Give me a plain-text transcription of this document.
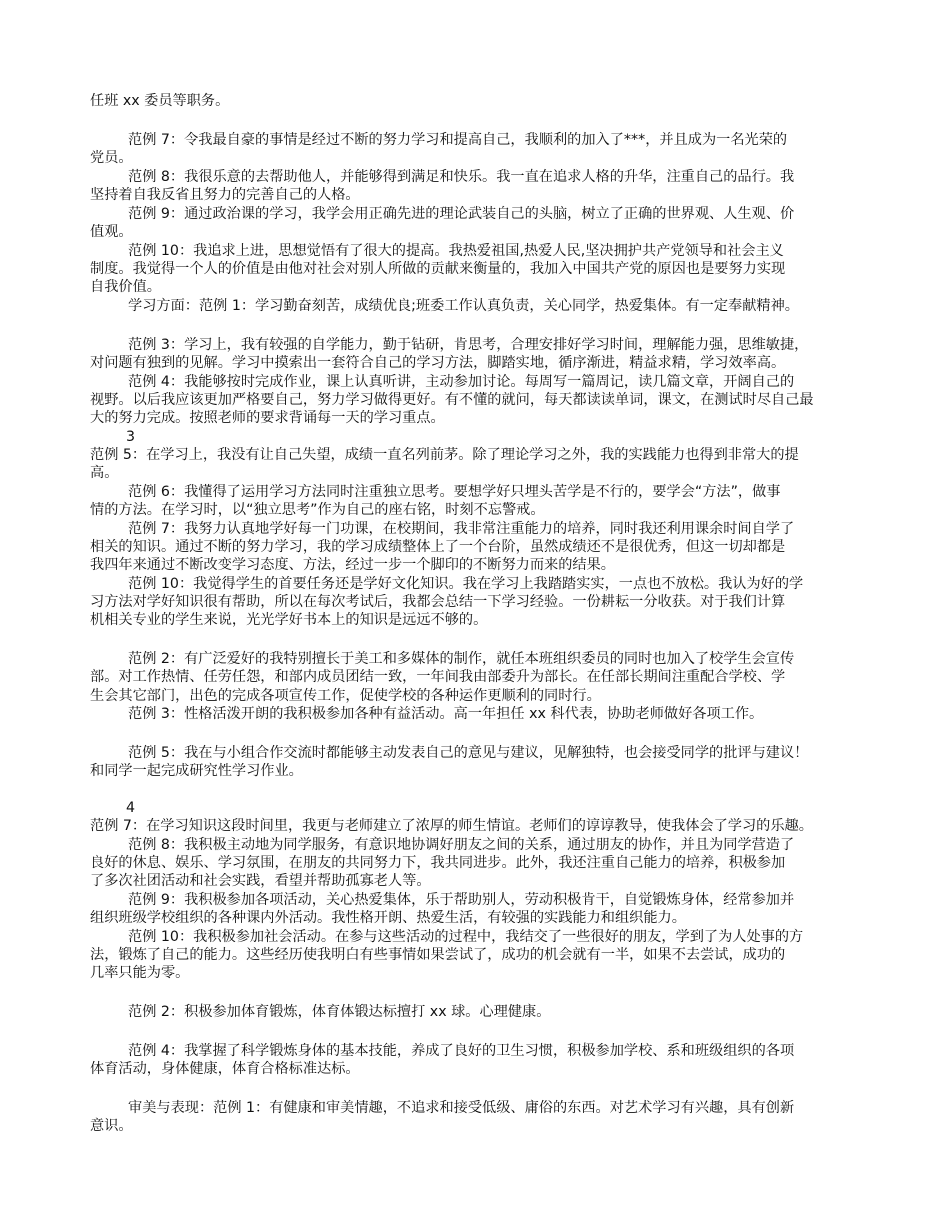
任班 xx 委员等职务。

范例 7：令我最自豪的事情是经过不断的努力学习和提高自己，我顺利的加入了***，并且成为一名光荣的

党员。

范例 8：我很乐意的去帮助他人，并能够得到满足和快乐。我一直在追求人格的升华，注重自己的品行。我

坚持着自我反省且努力的完善自己的人格。

范例 9：通过政治课的学习，我学会用正确先进的理论武装自己的头脑，树立了正确的世界观、人生观、价

值观。

范例 10：我追求上进，思想觉悟有了很大的提高。我热爱祖国,热爱人民,坚决拥护共产党领导和社会主义

制度。我觉得一个人的价值是由他对社会对别人所做的贡献来衡量的，我加入中国共产党的原因也是要努力实现

自我价值。

学习方面：范例 1：学习勤奋刻苦，成绩优良;班委工作认真负责，关心同学，热爱集体。有一定奉献精神。

范例 3：学习上，我有较强的自学能力，勤于钻研，肯思考，合理安排好学习时间，理解能力强，思维敏捷，

对问题有独到的见解。学习中摸索出一套符合自己的学习方法，脚踏实地，循序渐进，精益求精，学习效率高。

范例 4：我能够按时完成作业，课上认真听讲，主动参加讨论。每周写一篇周记，读几篇文章，开阔自己的

视野。以后我应该更加严格要自己，努力学习做得更好。有不懂的就问，每天都读读单词，课文，在测试时尽自己最

大的努力完成。按照老师的要求背诵每一天的学习重点。

3

范例 5：在学习上，我没有让自己失望，成绩一直名列前茅。除了理论学习之外，我的实践能力也得到非常大的提

高。

范例 6：我懂得了运用学习方法同时注重独立思考。要想学好只埋头苦学是不行的，要学会“方法”，做事

情的方法。在学习时，以“独立思考”作为自己的座右铭，时刻不忘警戒。

范例 7：我努力认真地学好每一门功课，在校期间，我非常注重能力的培养，同时我还利用课余时间自学了

相关的知识。通过不断的努力学习，我的学习成绩整体上了一个台阶，虽然成绩还不是很优秀，但这一切却都是

我四年来通过不断改变学习态度、方法，经过一步一个脚印的不断努力而来的结果。

范例 10：我觉得学生的首要任务还是学好文化知识。我在学习上我踏踏实实，一点也不放松。我认为好的学

习方法对学好知识很有帮助，所以在每次考试后，我都会总结一下学习经验。一份耕耘一分收获。对于我们计算

机相关专业的学生来说，光光学好书本上的知识是远远不够的。

范例 2：有广泛爱好的我特别擅长于美工和多媒体的制作，就任本班组织委员的同时也加入了校学生会宣传

部。对工作热情、任劳任怨，和部内成员团结一致，一年间我由部委升为部长。在任部长期间注重配合学校、学

生会其它部门，出色的完成各项宣传工作，促使学校的各种运作更顺利的同时行。

范例 3：性格活泼开朗的我积极参加各种有益活动。高一年担任 xx 科代表，协助老师做好各项工作。

范例 5：我在与小组合作交流时都能够主动发表自己的意见与建议，见解独特，也会接受同学的批评与建议！

和同学一起完成研究性学习作业。

4

范例 7：在学习知识这段时间里，我更与老师建立了浓厚的师生情谊。老师们的谆谆教导，使我体会了学习的乐趣。

范例 8：我积极主动地为同学服务，有意识地协调好朋友之间的关系，通过朋友的协作，并且为同学营造了

良好的休息、娱乐、学习氛围，在朋友的共同努力下，我共同进步。此外，我还注重自己能力的培养，积极参加

了多次社团活动和社会实践，看望并帮助孤寡老人等。

范例 9：我积极参加各项活动，关心热爱集体，乐于帮助别人，劳动积极肯干，自觉锻炼身体，经常参加并

组织班级学校组织的各种课内外活动。我性格开朗、热爱生活，有较强的实践能力和组织能力。

范例 10：我积极参加社会活动。在参与这些活动的过程中，我结交了一些很好的朋友，学到了为人处事的方

法，锻炼了自己的能力。这些经历使我明白有些事情如果尝试了，成功的机会就有一半，如果不去尝试，成功的

几率只能为零。

范例 2：积极参加体育锻炼，体育体锻达标擅打 xx 球。心理健康。

范例 4：我掌握了科学锻炼身体的基本技能，养成了良好的卫生习惯，积极参加学校、系和班级组织的各项

体育活动，身体健康，体育合格标准达标。

审美与表现：范例 1：有健康和审美情趣，不追求和接受低级、庸俗的东西。对艺术学习有兴趣，具有创新

意识。
